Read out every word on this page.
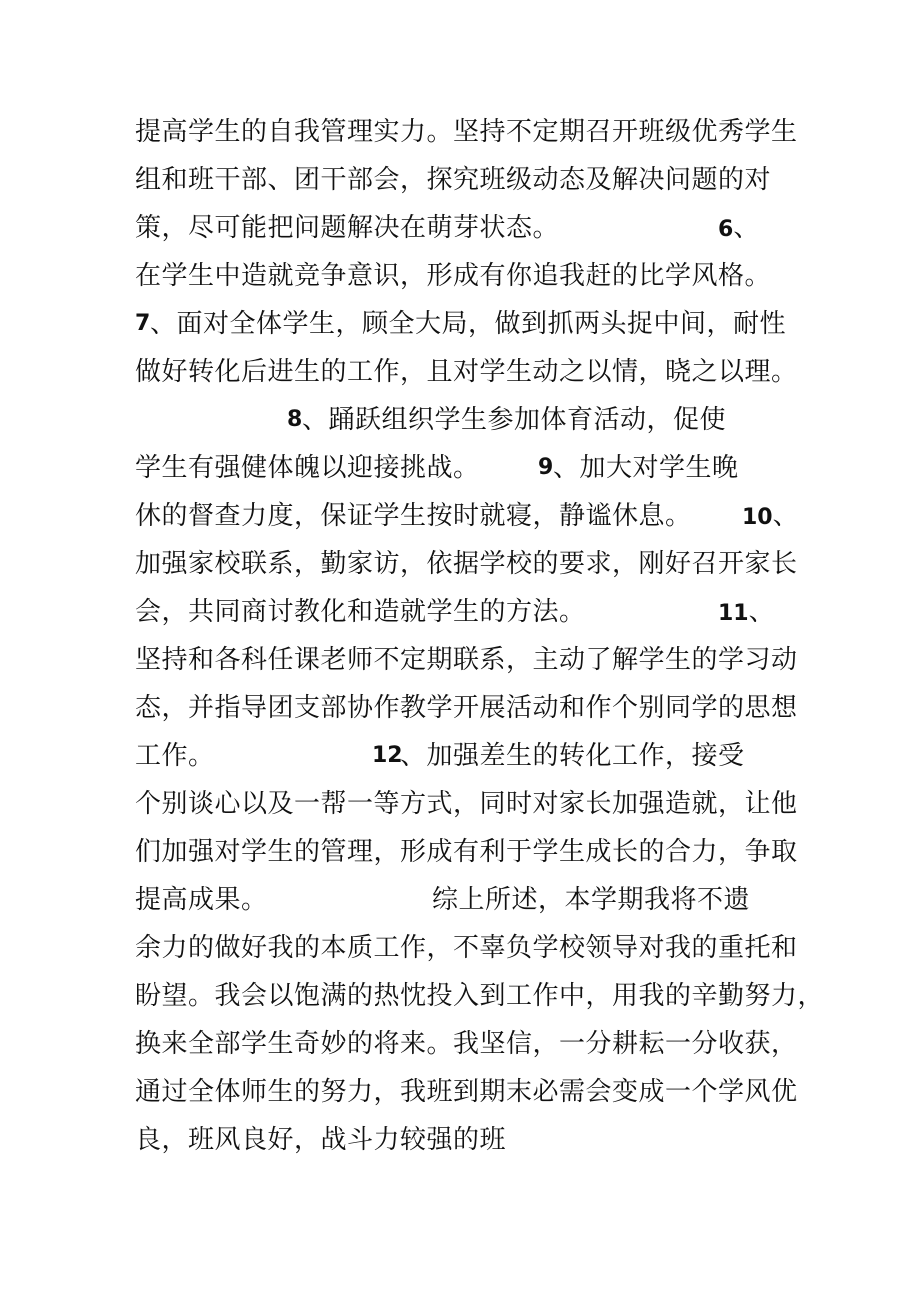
提高学生的自我管理实力。坚持不定期召开班级优秀学生
组和班干部、团干部会，探究班级动态及解决问题的对
策，尽可能把问题解决在萌芽状态。	6、
在学生中造就竞争意识，形成有你追我赶的比学风格。
7 、面对全体学生，顾全大局，做到抓两头捉中间，耐性
做好转化后进生的工作，且对学生动之以情，晓之以理。
8 、踊跃组织学生参加体育活动，促使
学生有强健体魄以迎接挑战。	9 、加大对学生晚
休的督查力度，保证学生按时就寝，静谧休息。 10、
加强家校联系，勤家访，依据学校的要求，刚好召开家长
会，共同商讨教化和造就学生的方法。	11、
坚持和各科任课老师不定期联系，主动了解学生的学习动
态，并指导团支部协作教学开展活动和作个别同学的思想
工作。	12
、加强差生的转化工作，接受
个别谈心以及一帮一等方式，同时对家长加强造就，让他
们加强对学生的管理，形成有利于学生成长的合力，争取
提高成果。	综上所述，本学期我将不遗
余力的做好我的本质工作，不辜负学校领导对我的重托和
盼望。我会以饱满的热忱投入到工作中，用我的辛勤努力，
换来全部学生奇妙的将来。我坚信，一分耕耘一分收获，
通过全体师生的努力，我班到期末必需会变成一个学风优
良，班风良好，战斗力较强的班
